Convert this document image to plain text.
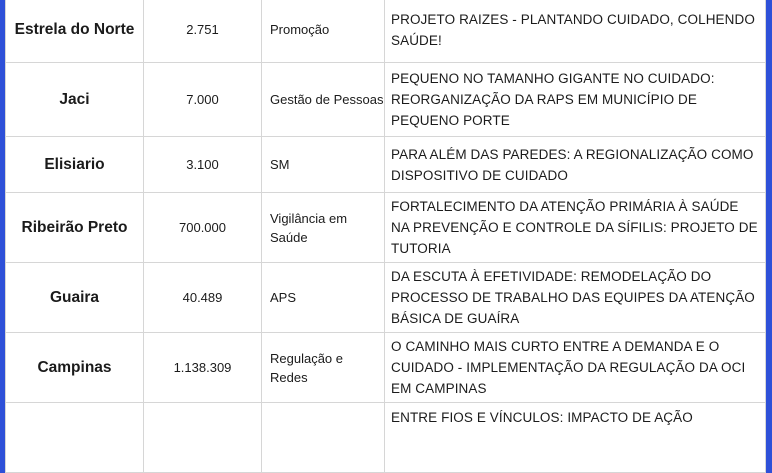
Estrela do Norte	2.751	Promoção	PROJETO RAIZES - PLANTANDO CUIDADO, COLHENDO SAÚDE!
Jaci	7.000	Gestão de Pessoas	PEQUENO NO TAMANHO GIGANTE NO CUIDADO: REORGANIZAÇÃO DA RAPS EM MUNICÍPIO DE PEQUENO PORTE
Elisiario	3.100	SM	PARA ALÉM DAS PAREDES: A REGIONALIZAÇÃO COMO DISPOSITIVO DE CUIDADO
Ribeirão Preto	700.000	Vigilância em Saúde	FORTALECIMENTO DA ATENÇÃO PRIMÁRIA À SAÚDE NA PREVENÇÃO E CONTROLE DA SÍFILIS: PROJETO DE TUTORIA
Guaira	40.489	APS	DA ESCUTA À EFETIVIDADE: REMODELAÇÃO DO PROCESSO DE TRABALHO DAS EQUIPES DA ATENÇÃO BÁSICA DE GUAÍRA
Campinas	1.138.309	Regulação e Redes	O CAMINHO MAIS CURTO ENTRE A DEMANDA E O CUIDADO - IMPLEMENTAÇÃO DA REGULAÇÃO DA OCI EM CAMPINAS
			ENTRE FIOS E VÍNCULOS: IMPACTO DE AÇÃO
